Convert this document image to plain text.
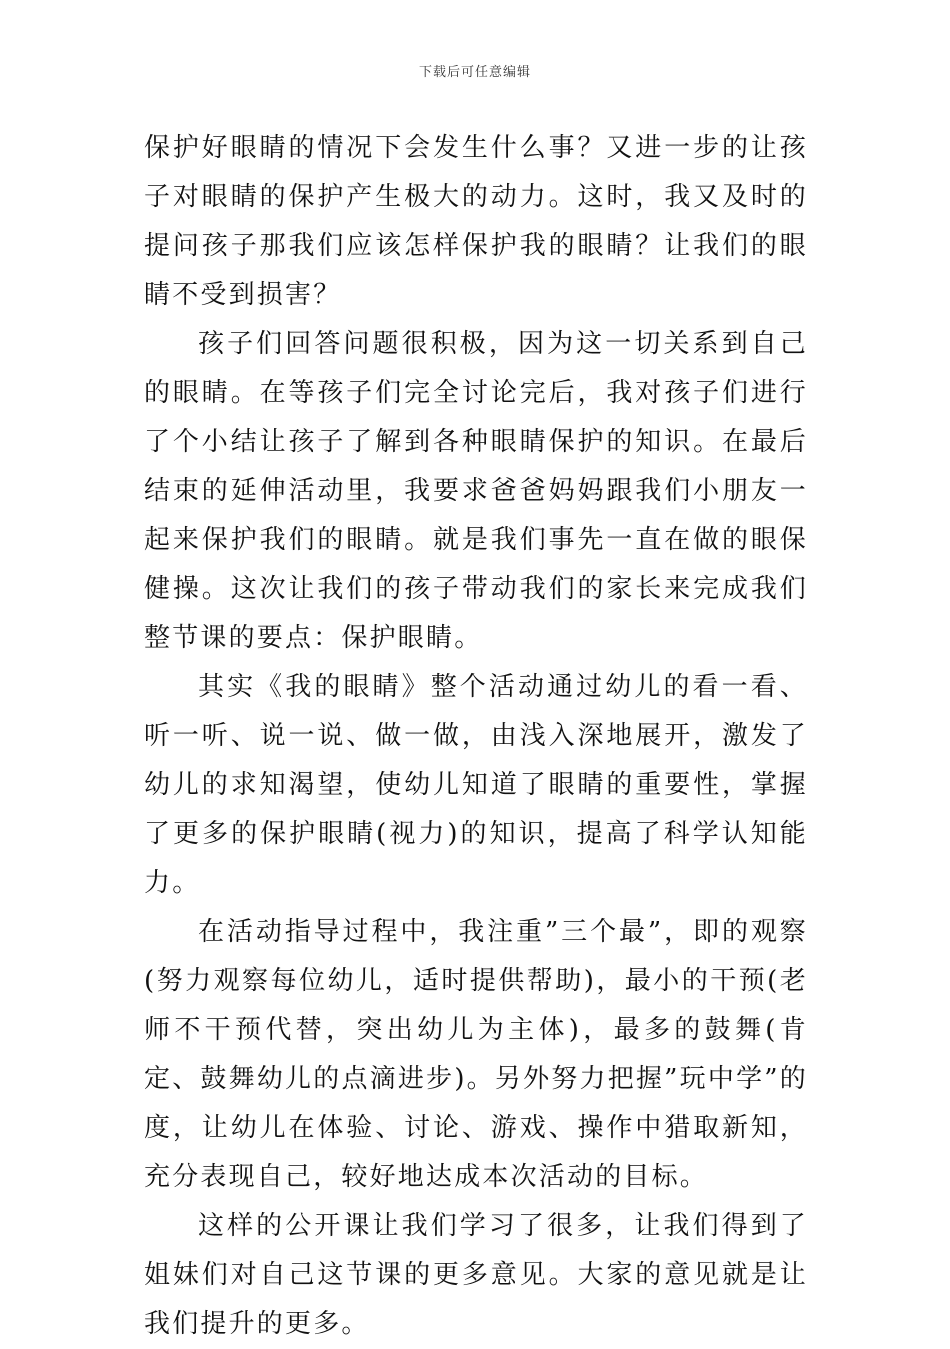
下载后可任意编辑

保护好眼睛的情况下会发生什么事？又进一步的让孩子对眼睛的保护产生极大的动力。这时，我又及时的提问孩子那我们应该怎样保护我的眼睛？让我们的眼睛不受到损害？

孩子们回答问题很积极，因为这一切关系到自己的眼睛。在等孩子们完全讨论完后，我对孩子们进行了个小结让孩子了解到各种眼睛保护的知识。在最后结束的延伸活动里，我要求爸爸妈妈跟我们小朋友一起来保护我们的眼睛。就是我们事先一直在做的眼保健操。这次让我们的孩子带动我们的家长来完成我们整节课的要点：保护眼睛。

其实《我的眼睛》整个活动通过幼儿的看一看、听一听、说一说、做一做，由浅入深地展开，激发了幼儿的求知渴望，使幼儿知道了眼睛的重要性，掌握了更多的保护眼睛(视力)的知识，提高了科学认知能力。

在活动指导过程中，我注重”三个最”，即的观察(努力观察每位幼儿，适时提供帮助)，最小的干预(老师不干预代替，突出幼儿为主体)，最多的鼓舞(肯定、鼓舞幼儿的点滴进步)。另外努力把握”玩中学”的度，让幼儿在体验、讨论、游戏、操作中猎取新知，充分表现自己，较好地达成本次活动的目标。

这样的公开课让我们学习了很多，让我们得到了姐妹们对自己这节课的更多意见。大家的意见就是让我们提升的更多。
